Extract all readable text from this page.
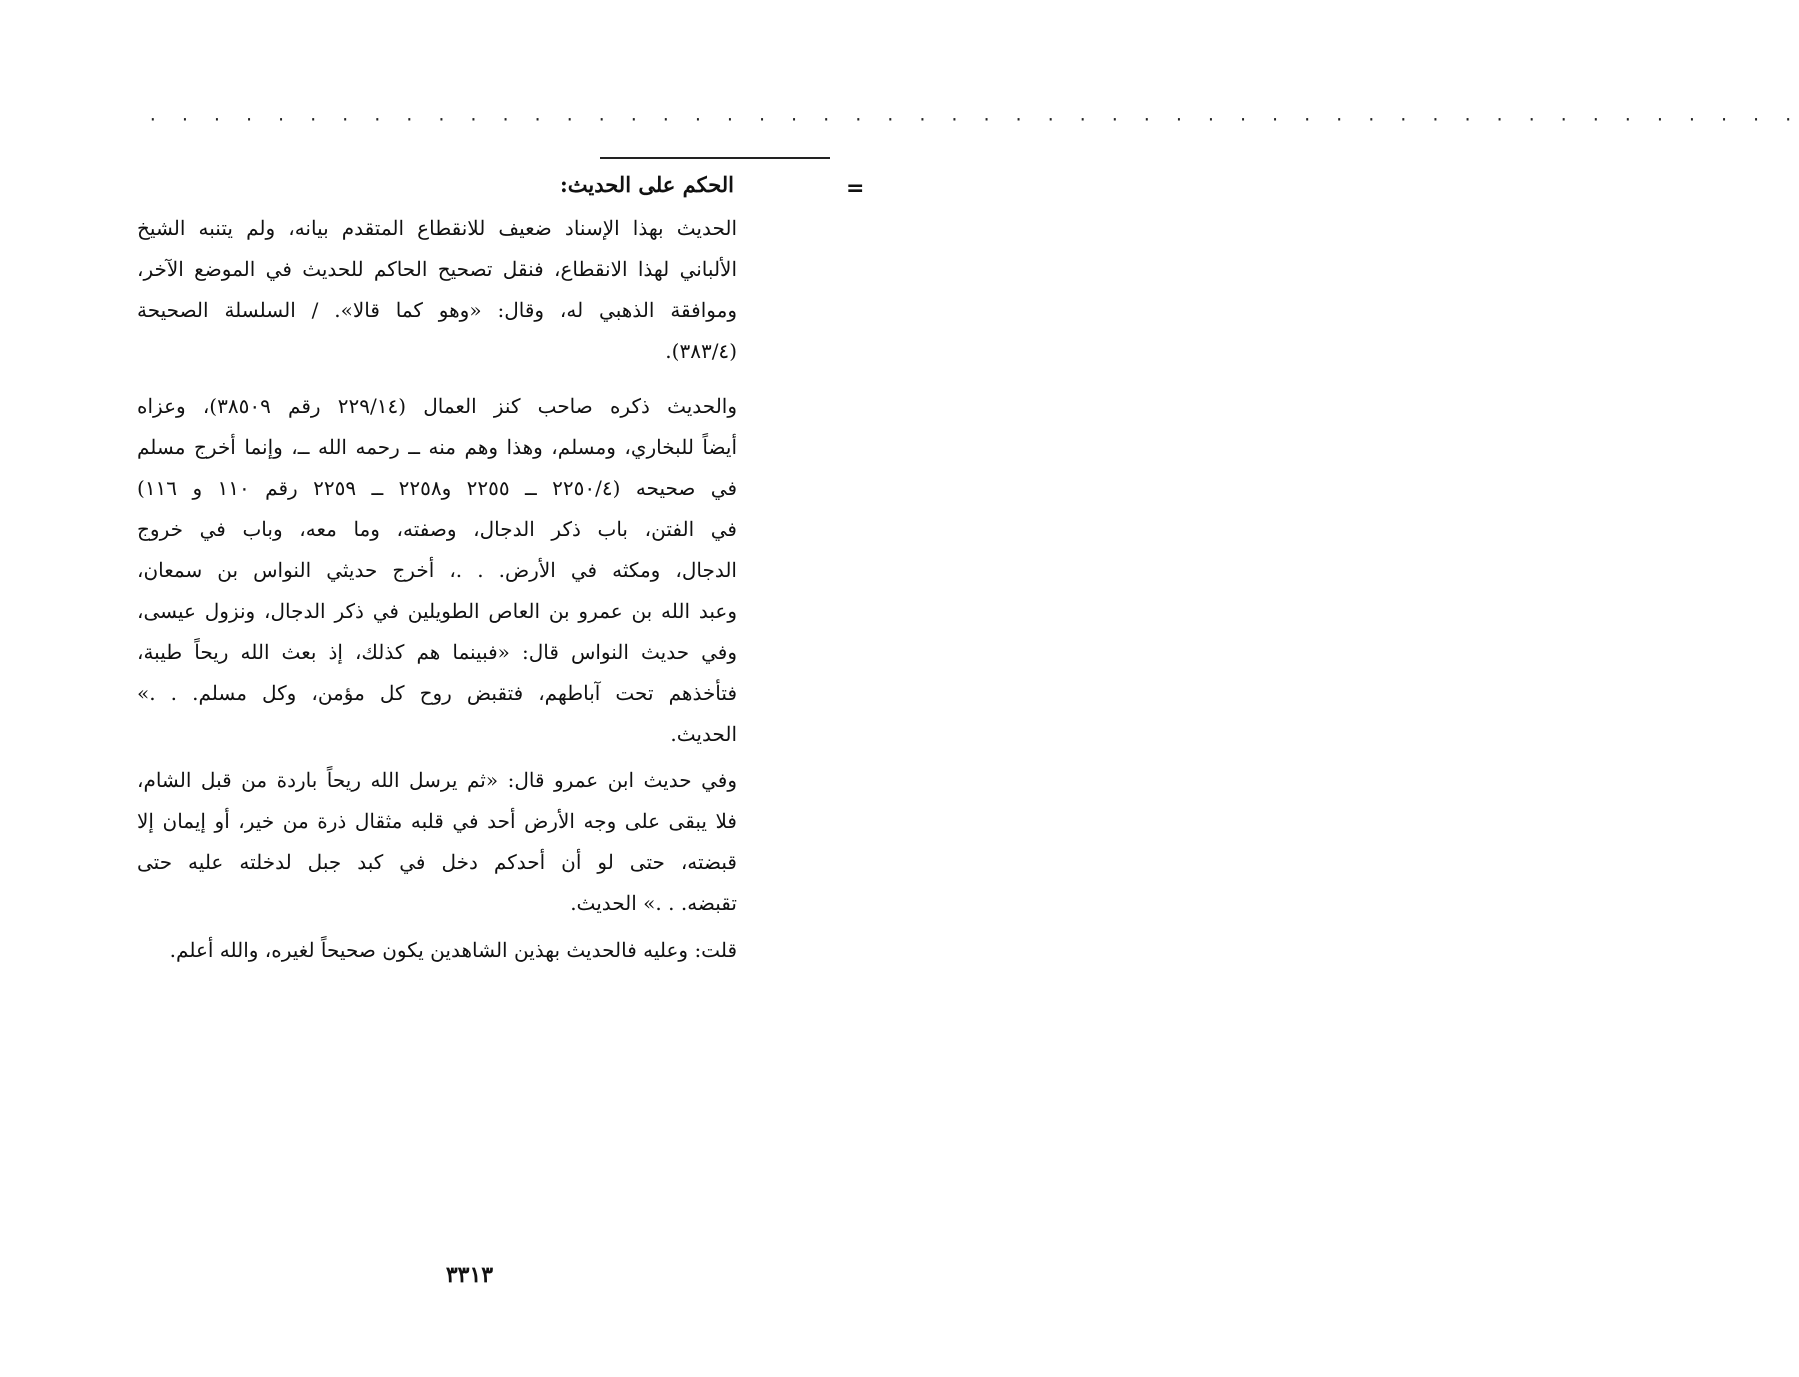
· · · · · · · · · · · · · · · · · · · · · · · · · · · · · · · · · · · · · · · · · · · · · · · · · · · ·
=
الحكم على الحديث:
الحديث بهذا الإسناد ضعيف للانقطاع المتقدم بيانه، ولم يتنبه الشيخ
الألباني لهذا الانقطاع، فنقل تصحيح الحاكم للحديث في الموضع الآخر،
وموافقة الذهبي له، وقال: «وهو كما قالا». / السلسلة الصحيحة
(٣٨٣/٤).
والحديث ذكره صاحب كنز العمال (٢٢٩/١٤ رقم ٣٨٥٠٩)، وعزاه
أيضاً للبخاري، ومسلم، وهذا وهم منه ــ رحمه الله ــ، وإنما أخرج مسلم
في صحيحه (٢٢٥٠/٤ ــ ٢٢٥٥ و٢٢٥٨ ــ ٢٢٥٩ رقم ١١٠ و ١١٦)
في الفتن، باب ذكر الدجال، وصفته، وما معه، وباب في خروج
الدجال، ومكثه في الأرض. . .، أخرج حديثي النواس بن سمعان،
وعبد الله بن عمرو بن العاص الطويلين في ذكر الدجال، ونزول عيسى،
وفي حديث النواس قال: «فبينما هم كذلك، إذ بعث الله ريحاً طيبة،
فتأخذهم تحت آباطهم، فتقبض روح كل مؤمن، وكل مسلم. . .»
الحديث.
وفي حديث ابن عمرو قال: «ثم يرسل الله ريحاً باردة من قبل الشام،
فلا يبقى على وجه الأرض أحد في قلبه مثقال ذرة من خير، أو إيمان إلا
قبضته، حتى لو أن أحدكم دخل في كبد جبل لدخلته عليه حتى
تقبضه. . .» الحديث.
قلت: وعليه فالحديث بهذين الشاهدين يكون صحيحاً لغيره، والله أعلم.
٣٣١٣
